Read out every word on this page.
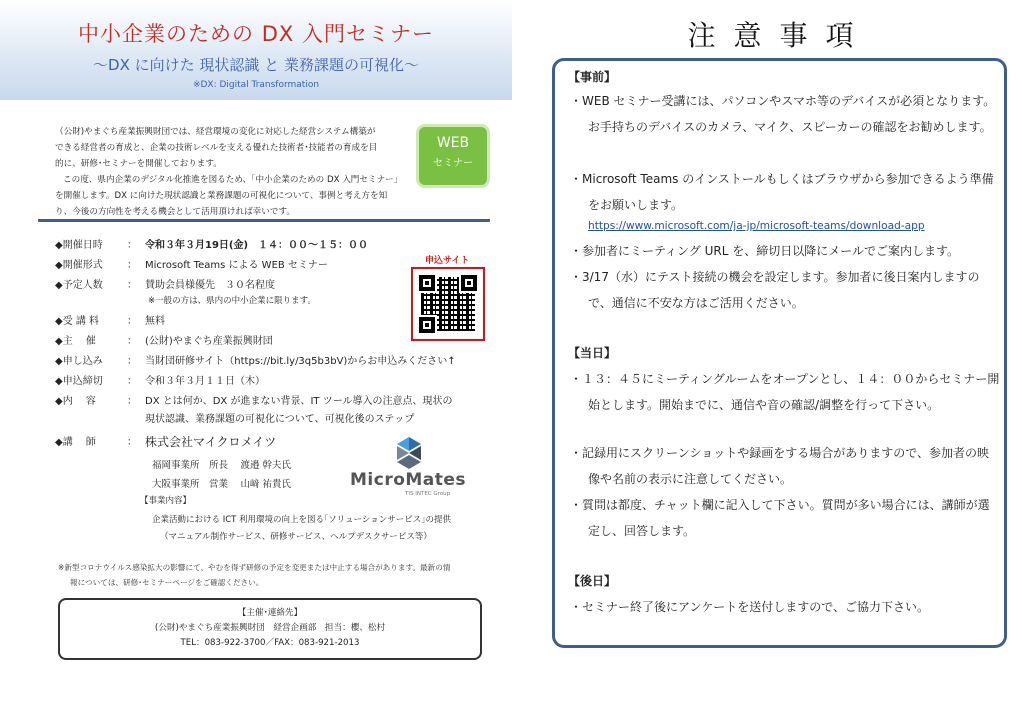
中小企業のための DX 入門セミナー
〜DX に向けた 現状認識 と 業務課題の可視化〜
※DX: Digital Transformation

（公財)やまぐち産業振興財団では、経営環境の変化に対応した経営システム構築が

できる経営者の育成と、企業の技術レベルを支える優れた技術者･技能者の育成を目

的に、研修･セミナーを開催しております。

この度、県内企業のデジタル化推進を図るため、「中小企業のための DX 入門セミナー」

を開催します。DX に向けた現状認識と業務課題の可視化について、事例と考え方を知

り、今後の方向性を考える機会として活用頂ければ幸いです。

WEB
セミナー
◆開催日時	： 令和３年３月19日(金)　１４：００〜１５：００
◆開催形式	： Microsoft Teams による WEB セミナー
◆予定人数	： 賛助会員様優先　３０名程度
※一般の方は、県内の中小企業に限ります。
◆受 講 料	： 無料
◆主　 催	： (公財)やまぐち産業振興財団
◆申し込み	： 当財団研修サイト（https://bit.ly/3q5b3bV)からお申込みください↑
◆申込締切	： 令和３年３月１１日（木）
◆内　 容	： DX とは何か、DX が進まない背景、IT ツール導入の注意点、現状の
現状認識、業務課題の可視化について、可視化後のステップ
申込サイト
◆講　 師	： 株式会社マイクロメイツ
福岡事業所　所長　 渡邉 幹夫氏
大阪事業所　営業　 山﨑 祐貴氏
【事業内容】
企業活動における ICT 利用環境の向上を図る｢ソリューションサービス｣の提供
（マニュアル制作サービス、研修サービス、ヘルプデスクサービス等）
MicroMates
TIS INTEC Group
※新型コロナウイルス感染拡大の影響にて、やむを得ず研修の予定を変更または中止する場合があります。最新の情
報については、研修･セミナーページをご確認ください。
【主催･連絡先】
(公財)やまぐち産業振興財団　経営企画部　担当：櫻、松村
TEL：083-922-3700／FAX：083-921-2013
注意事項
【事前】
・WEB セミナー受講には、パソコンやスマホ等のデバイスが必須となります。お手持ちのデバイスのカメラ、マイク、スピーカーの確認をお勧めします。
・Microsoft Teams のインストールもしくはブラウザから参加できるよう準備をお願いします。
https://www.microsoft.com/ja-jp/microsoft-teams/download-app
・参加者にミーティング URL を、締切日以降にメールでご案内します。
・3/17（水）にテスト接続の機会を設定します。参加者に後日案内しますので、通信に不安な方はご活用ください。
【当日】
・１３：４５にミーティングルームをオープンとし、１４：００からセミナー開始とします。開始までに、通信や音の確認/調整を行って下さい。
・記録用にスクリーンショットや録画をする場合がありますので、参加者の映像や名前の表示に注意してください。
・質問は都度、チャット欄に記入して下さい。質問が多い場合には、講師が選定し、回答します。
【後日】
・セミナー終了後にアンケートを送付しますので、ご協力下さい。
